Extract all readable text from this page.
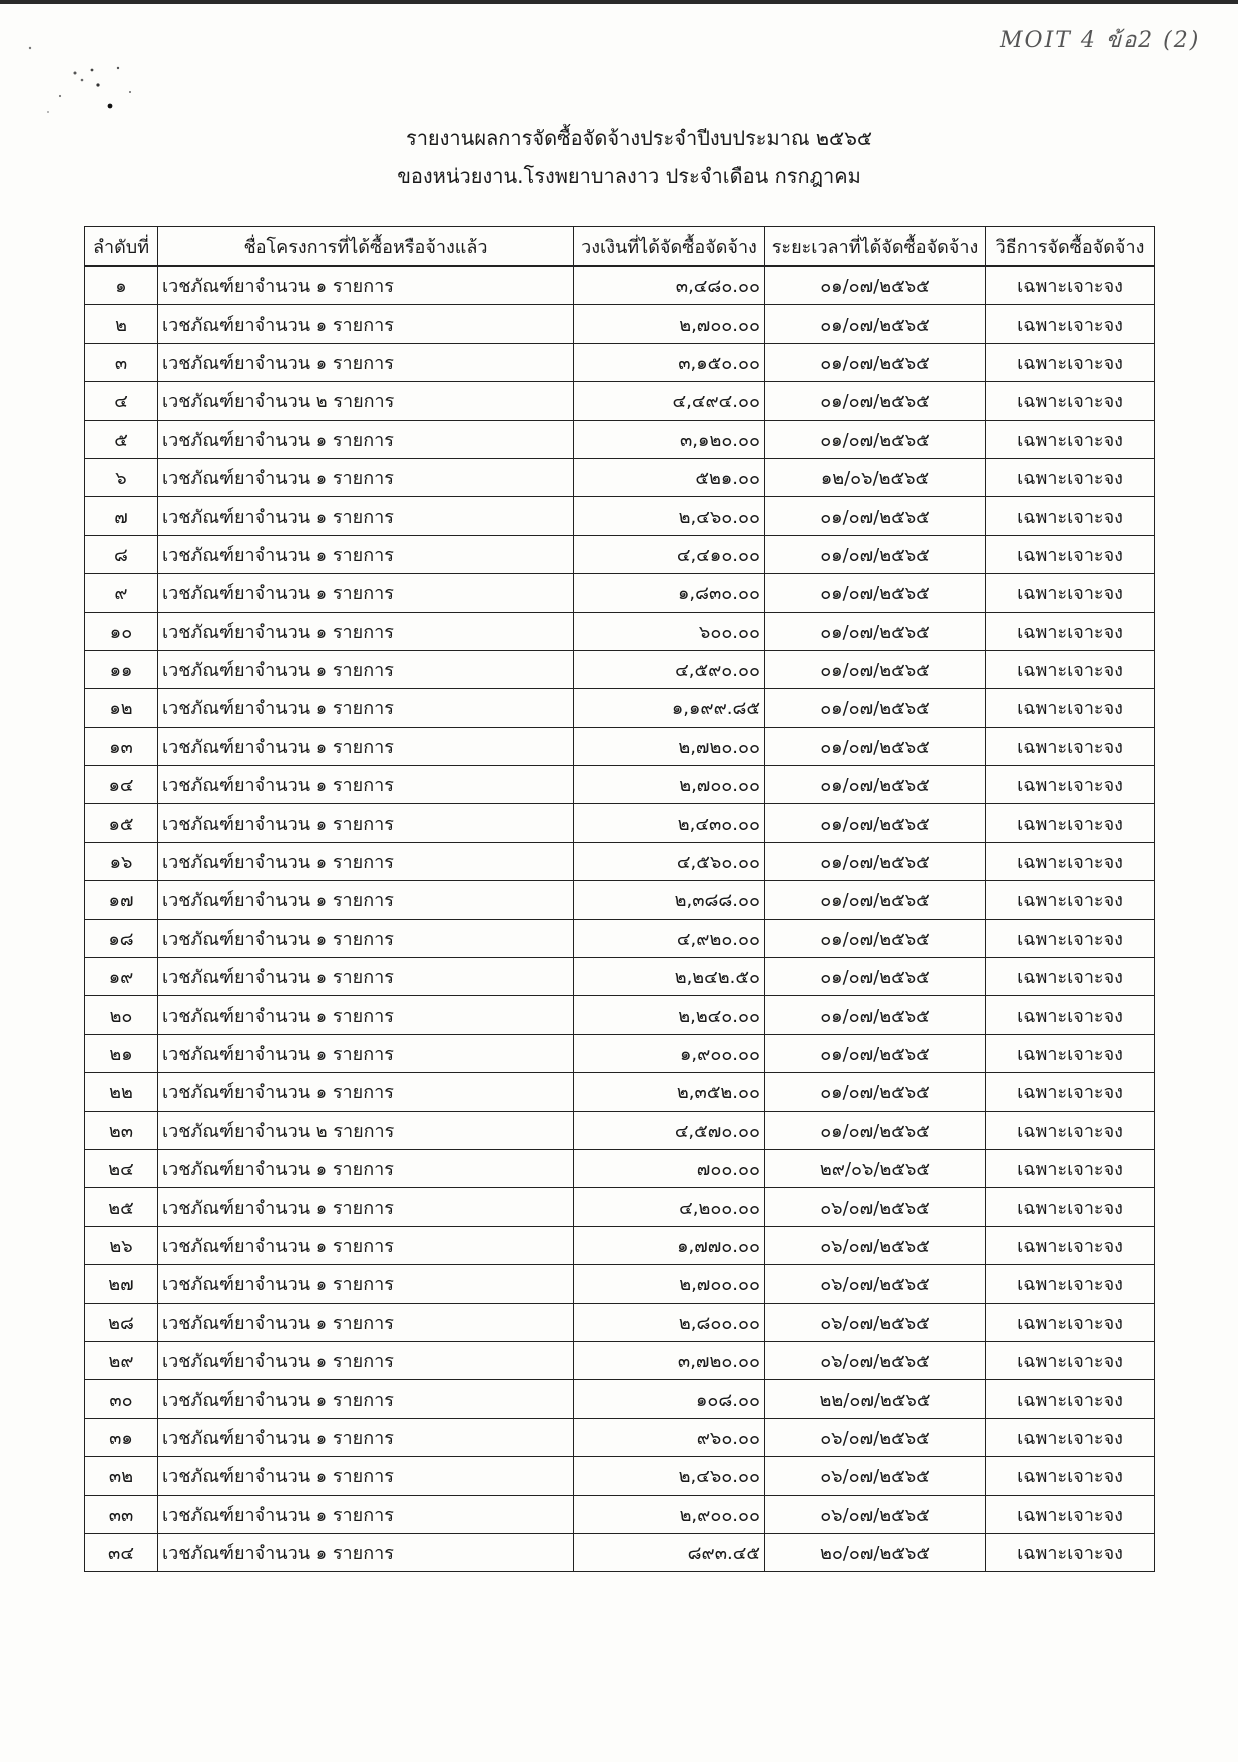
MOIT 4 ข้อ2 (2)
รายงานผลการจัดซื้อจัดจ้างประจำปีงบประมาณ ๒๕๖๕
ของหน่วยงาน.โรงพยาบาลงาว ประจำเดือน กรกฎาคม
ลำดับที่	ชื่อโครงการที่ได้ซื้อหรือจ้างแล้ว	วงเงินที่ได้จัดซื้อจัดจ้าง	ระยะเวลาที่ได้จัดซื้อจัดจ้าง	วิธีการจัดซื้อจัดจ้าง
๑	เวชภัณฑ์ยาจำนวน ๑ รายการ	๓,๔๘๐.๐๐	๐๑/๐๗/๒๕๖๕	เฉพาะเจาะจง
๒	เวชภัณฑ์ยาจำนวน ๑ รายการ	๒,๗๐๐.๐๐	๐๑/๐๗/๒๕๖๕	เฉพาะเจาะจง
๓	เวชภัณฑ์ยาจำนวน ๑ รายการ	๓,๑๕๐.๐๐	๐๑/๐๗/๒๕๖๕	เฉพาะเจาะจง
๔	เวชภัณฑ์ยาจำนวน ๒ รายการ	๔,๔๙๔.๐๐	๐๑/๐๗/๒๕๖๕	เฉพาะเจาะจง
๕	เวชภัณฑ์ยาจำนวน ๑ รายการ	๓,๑๒๐.๐๐	๐๑/๐๗/๒๕๖๕	เฉพาะเจาะจง
๖	เวชภัณฑ์ยาจำนวน ๑ รายการ	๕๒๑.๐๐	๑๒/๐๖/๒๕๖๕	เฉพาะเจาะจง
๗	เวชภัณฑ์ยาจำนวน ๑ รายการ	๒,๔๖๐.๐๐	๐๑/๐๗/๒๕๖๕	เฉพาะเจาะจง
๘	เวชภัณฑ์ยาจำนวน ๑ รายการ	๔,๔๑๐.๐๐	๐๑/๐๗/๒๕๖๕	เฉพาะเจาะจง
๙	เวชภัณฑ์ยาจำนวน ๑ รายการ	๑,๘๓๐.๐๐	๐๑/๐๗/๒๕๖๕	เฉพาะเจาะจง
๑๐	เวชภัณฑ์ยาจำนวน ๑ รายการ	๖๐๐.๐๐	๐๑/๐๗/๒๕๖๕	เฉพาะเจาะจง
๑๑	เวชภัณฑ์ยาจำนวน ๑ รายการ	๔,๕๙๐.๐๐	๐๑/๐๗/๒๕๖๕	เฉพาะเจาะจง
๑๒	เวชภัณฑ์ยาจำนวน ๑ รายการ	๑,๑๙๙.๘๕	๐๑/๐๗/๒๕๖๕	เฉพาะเจาะจง
๑๓	เวชภัณฑ์ยาจำนวน ๑ รายการ	๒,๗๒๐.๐๐	๐๑/๐๗/๒๕๖๕	เฉพาะเจาะจง
๑๔	เวชภัณฑ์ยาจำนวน ๑ รายการ	๒,๗๐๐.๐๐	๐๑/๐๗/๒๕๖๕	เฉพาะเจาะจง
๑๕	เวชภัณฑ์ยาจำนวน ๑ รายการ	๒,๔๓๐.๐๐	๐๑/๐๗/๒๕๖๕	เฉพาะเจาะจง
๑๖	เวชภัณฑ์ยาจำนวน ๑ รายการ	๔,๕๖๐.๐๐	๐๑/๐๗/๒๕๖๕	เฉพาะเจาะจง
๑๗	เวชภัณฑ์ยาจำนวน ๑ รายการ	๒,๓๘๘.๐๐	๐๑/๐๗/๒๕๖๕	เฉพาะเจาะจง
๑๘	เวชภัณฑ์ยาจำนวน ๑ รายการ	๔,๙๒๐.๐๐	๐๑/๐๗/๒๕๖๕	เฉพาะเจาะจง
๑๙	เวชภัณฑ์ยาจำนวน ๑ รายการ	๒,๒๔๒.๕๐	๐๑/๐๗/๒๕๖๕	เฉพาะเจาะจง
๒๐	เวชภัณฑ์ยาจำนวน ๑ รายการ	๒,๒๔๐.๐๐	๐๑/๐๗/๒๕๖๕	เฉพาะเจาะจง
๒๑	เวชภัณฑ์ยาจำนวน ๑ รายการ	๑,๙๐๐.๐๐	๐๑/๐๗/๒๕๖๕	เฉพาะเจาะจง
๒๒	เวชภัณฑ์ยาจำนวน ๑ รายการ	๒,๓๕๒.๐๐	๐๑/๐๗/๒๕๖๕	เฉพาะเจาะจง
๒๓	เวชภัณฑ์ยาจำนวน ๒ รายการ	๔,๕๗๐.๐๐	๐๑/๐๗/๒๕๖๕	เฉพาะเจาะจง
๒๔	เวชภัณฑ์ยาจำนวน ๑ รายการ	๗๐๐.๐๐	๒๙/๐๖/๒๕๖๕	เฉพาะเจาะจง
๒๕	เวชภัณฑ์ยาจำนวน ๑ รายการ	๔,๒๐๐.๐๐	๐๖/๐๗/๒๕๖๕	เฉพาะเจาะจง
๒๖	เวชภัณฑ์ยาจำนวน ๑ รายการ	๑,๗๗๐.๐๐	๐๖/๐๗/๒๕๖๕	เฉพาะเจาะจง
๒๗	เวชภัณฑ์ยาจำนวน ๑ รายการ	๒,๗๐๐.๐๐	๐๖/๐๗/๒๕๖๕	เฉพาะเจาะจง
๒๘	เวชภัณฑ์ยาจำนวน ๑ รายการ	๒,๘๐๐.๐๐	๐๖/๐๗/๒๕๖๕	เฉพาะเจาะจง
๒๙	เวชภัณฑ์ยาจำนวน ๑ รายการ	๓,๗๒๐.๐๐	๐๖/๐๗/๒๕๖๕	เฉพาะเจาะจง
๓๐	เวชภัณฑ์ยาจำนวน ๑ รายการ	๑๐๘.๐๐	๒๒/๐๗/๒๕๖๕	เฉพาะเจาะจง
๓๑	เวชภัณฑ์ยาจำนวน ๑ รายการ	๙๖๐.๐๐	๐๖/๐๗/๒๕๖๕	เฉพาะเจาะจง
๓๒	เวชภัณฑ์ยาจำนวน ๑ รายการ	๒,๔๖๐.๐๐	๐๖/๐๗/๒๕๖๕	เฉพาะเจาะจง
๓๓	เวชภัณฑ์ยาจำนวน ๑ รายการ	๒,๙๐๐.๐๐	๐๖/๐๗/๒๕๖๕	เฉพาะเจาะจง
๓๔	เวชภัณฑ์ยาจำนวน ๑ รายการ	๘๙๓.๔๕	๒๐/๐๗/๒๕๖๕	เฉพาะเจาะจง
